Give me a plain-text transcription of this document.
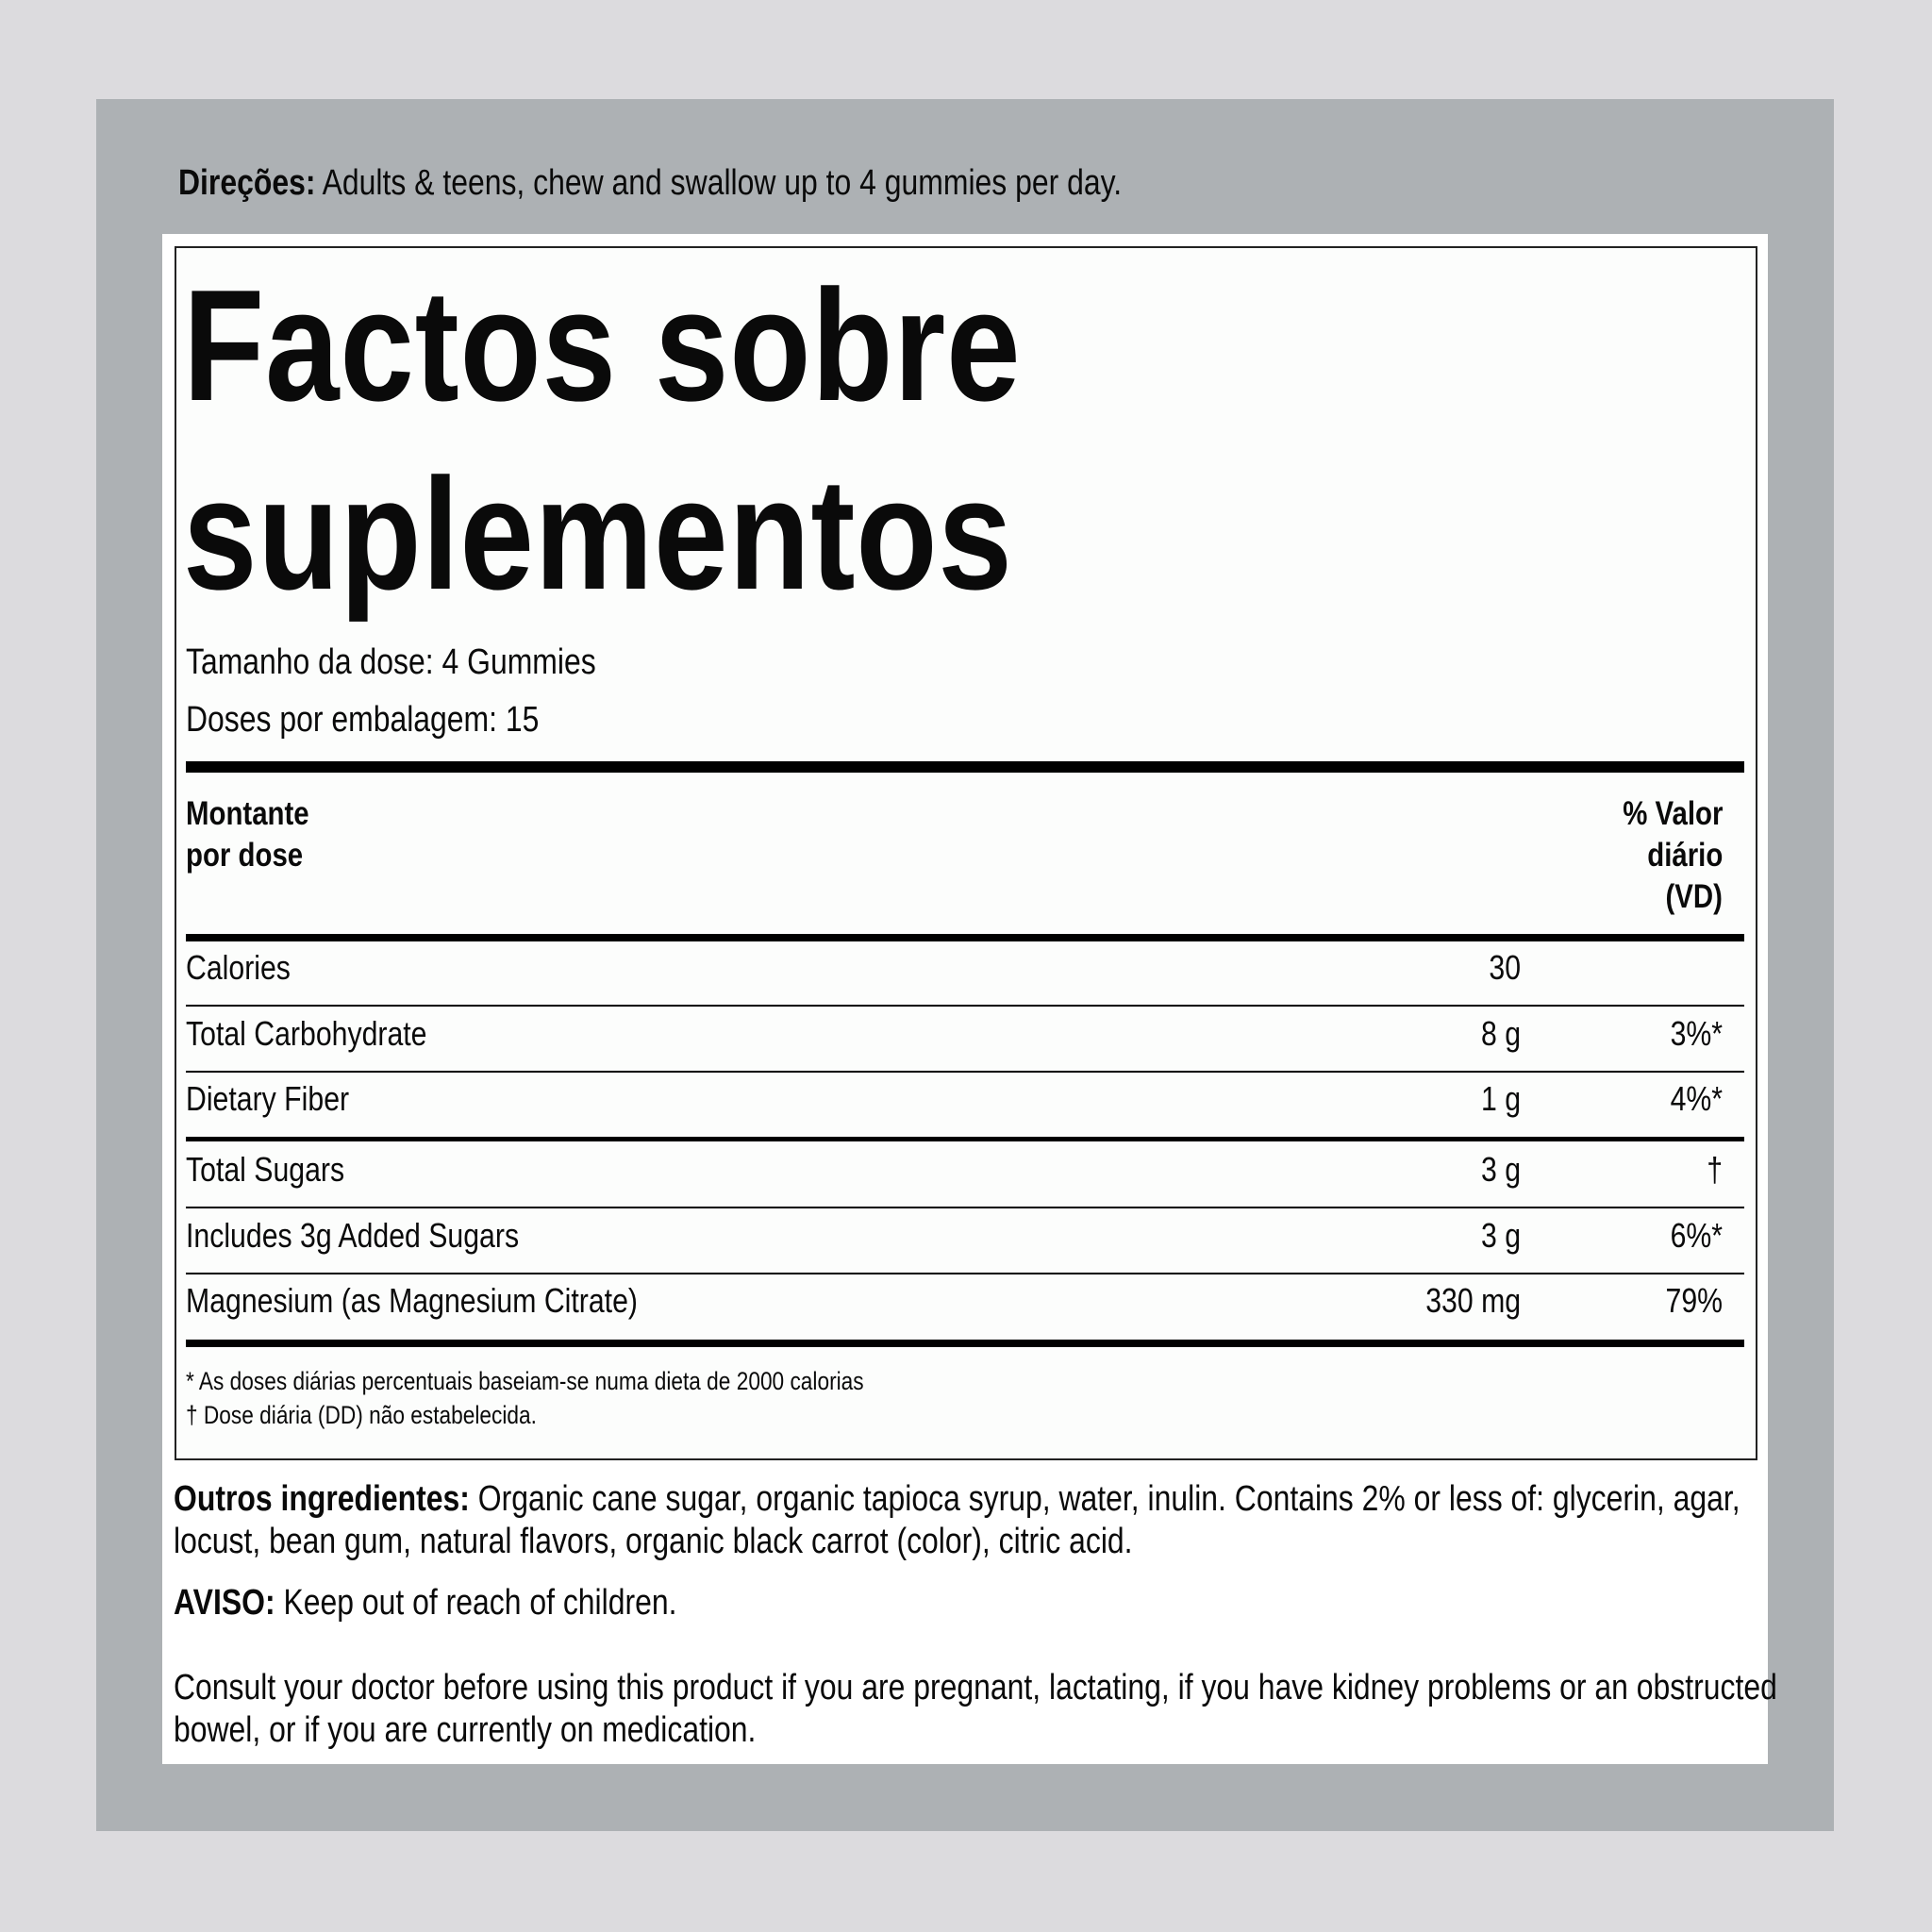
Direções: Adults & teens, chew and swallow up to 4 gummies per day.
Factos sobre
suplementos
Tamanho da dose: 4 Gummies
Doses por embalagem: 15
Montante
por dose
% Valor
diário
(VD)
Calories	30
Total Carbohydrate	8 g	3%*
Dietary Fiber	1 g	4%*
Total Sugars	3 g	†
Includes 3g Added Sugars	3 g	6%*
Magnesium (as Magnesium Citrate)	330 mg	79%
* As doses diárias percentuais baseiam-se numa dieta de 2000 calorias
† Dose diária (DD) não estabelecida.
Outros ingredientes: Organic cane sugar, organic tapioca syrup, water, inulin. Contains 2% or less of: glycerin, agar,
locust, bean gum, natural flavors, organic black carrot (color), citric acid.
AVISO: Keep out of reach of children.
Consult your doctor before using this product if you are pregnant, lactating, if you have kidney problems or an obstructed
bowel, or if you are currently on medication.
